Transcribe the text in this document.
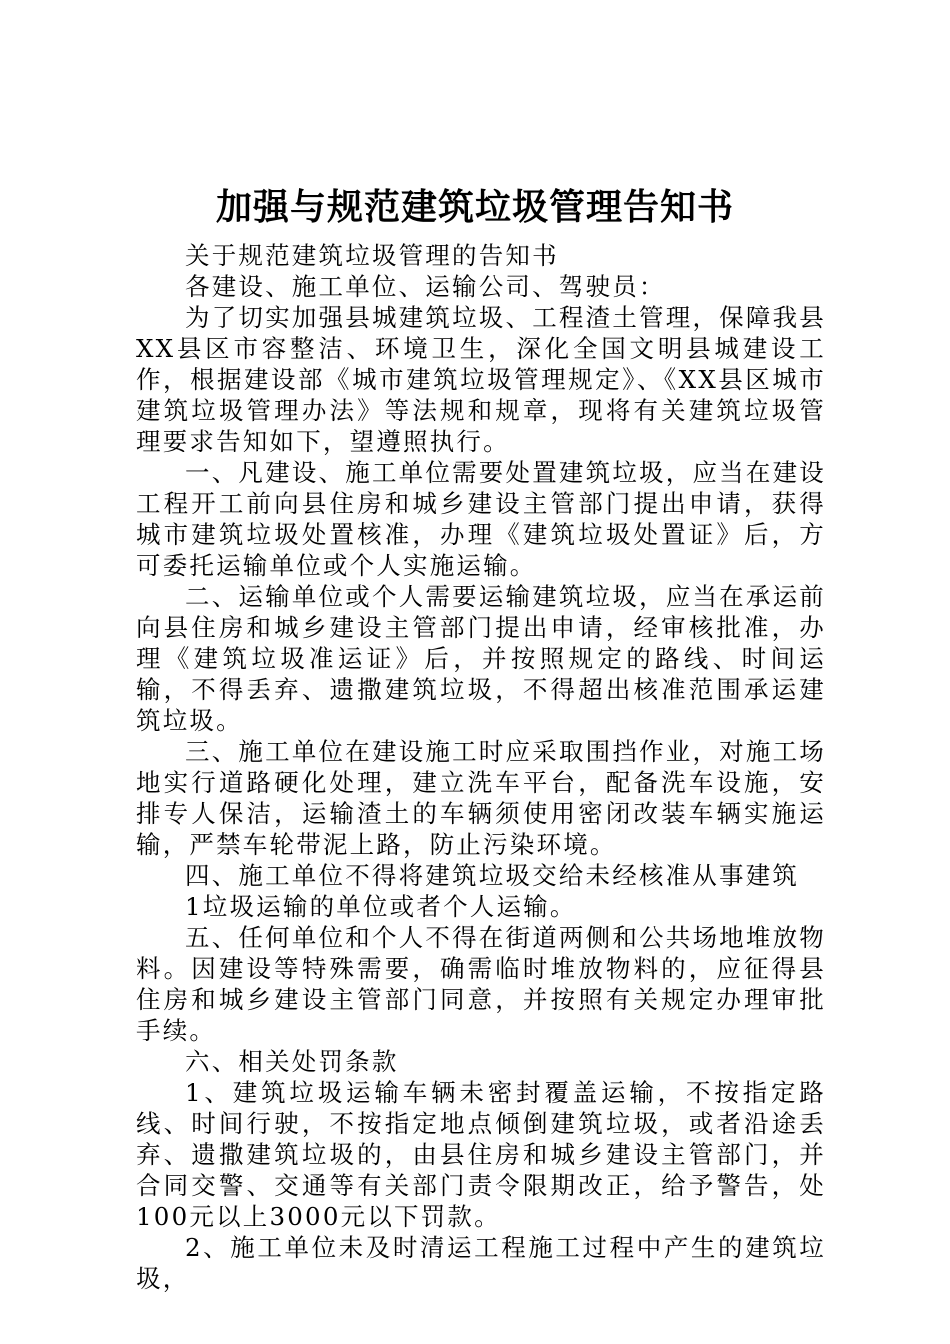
加强与规范建筑垃圾管理告知书

关于规范建筑垃圾管理的告知书

各建设、施工单位、运输公司、驾驶员：

为了切实加强县城建筑垃圾、工程渣土管理，保障我县XX县区市容整洁、环境卫生，深化全国文明县城建设工作，根据建设部《城市建筑垃圾管理规定》、《XX县区城市建筑垃圾管理办法》等法规和规章，现将有关建筑垃圾管理要求告知如下，望遵照执行。

一、凡建设、施工单位需要处置建筑垃圾，应当在建设工程开工前向县住房和城乡建设主管部门提出申请，获得城市建筑垃圾处置核准，办理《建筑垃圾处置证》后，方可委托运输单位或个人实施运输。

二、运输单位或个人需要运输建筑垃圾，应当在承运前向县住房和城乡建设主管部门提出申请，经审核批准，办理《建筑垃圾准运证》后，并按照规定的路线、时间运输，不得丢弃、遗撒建筑垃圾，不得超出核准范围承运建筑垃圾。

三、施工单位在建设施工时应采取围挡作业，对施工场地实行道路硬化处理，建立洗车平台，配备洗车设施，安排专人保洁，运输渣土的车辆须使用密闭改装车辆实施运输，严禁车轮带泥上路，防止污染环境。

四、施工单位不得将建筑垃圾交给未经核准从事建筑

1垃圾运输的单位或者个人运输。

五、任何单位和个人不得在街道两侧和公共场地堆放物料。因建设等特殊需要，确需临时堆放物料的，应征得县住房和城乡建设主管部门同意，并按照有关规定办理审批手续。

六、相关处罚条款

1、建筑垃圾运输车辆未密封覆盖运输，不按指定路线、时间行驶，不按指定地点倾倒建筑垃圾，或者沿途丢弃、遗撒建筑垃圾的，由县住房和城乡建设主管部门，并合同交警、交通等有关部门责令限期改正，给予警告，处100元以上3000元以下罚款。

2、施工单位未及时清运工程施工过程中产生的建筑垃圾，
